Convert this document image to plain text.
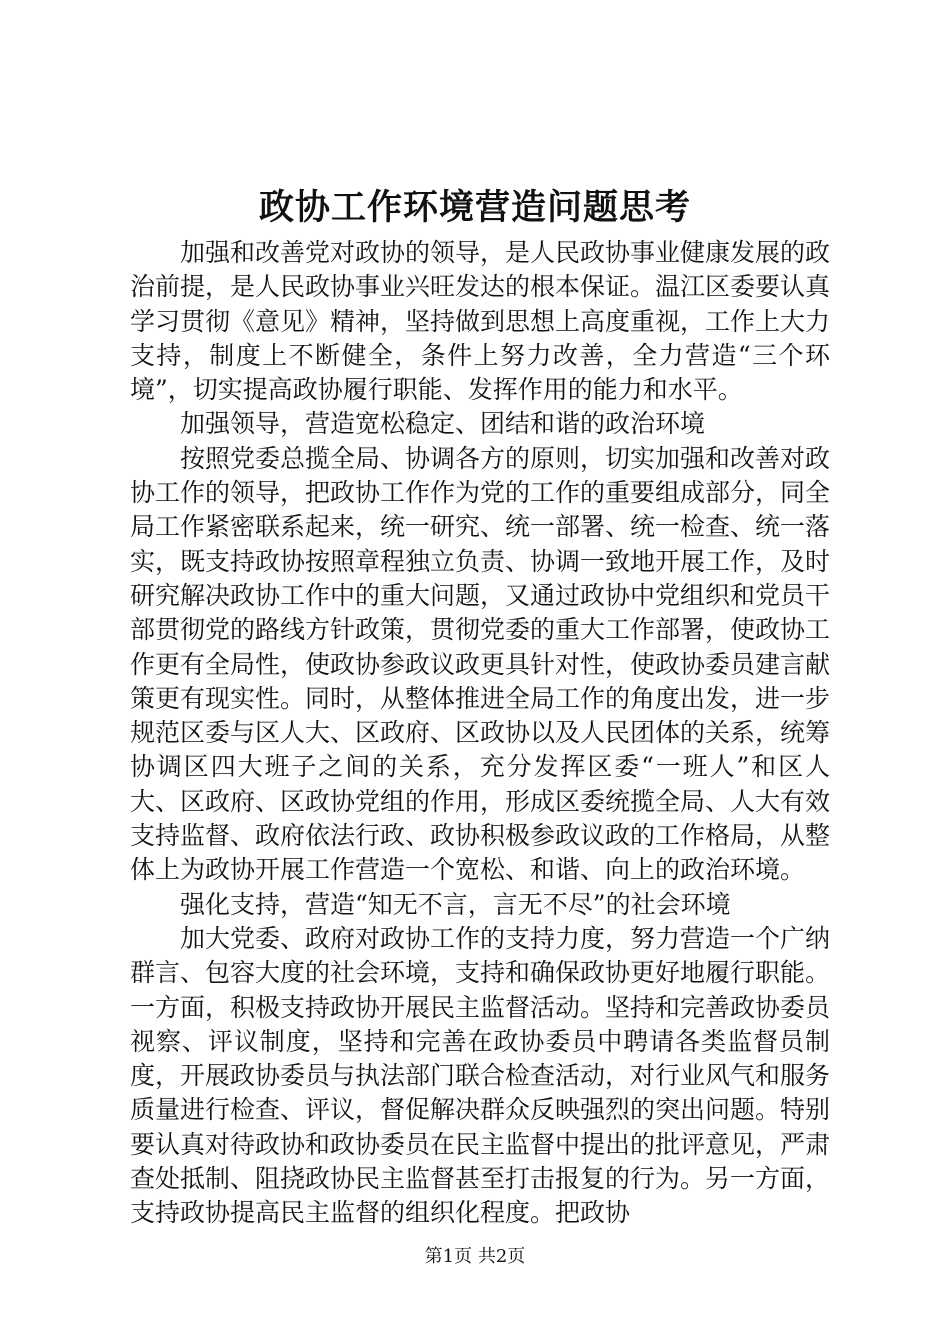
政协工作环境营造问题思考

加强和改善党对政协的领导，是人民政协事业健康发展的政治前提，是人民政协事业兴旺发达的根本保证。温江区委要认真学习贯彻《意见》精神，坚持做到思想上高度重视，工作上大力支持，制度上不断健全，条件上努力改善，全力营造“三个环境”，切实提高政协履行职能、发挥作用的能力和水平。

加强领导，营造宽松稳定、团结和谐的政治环境

按照党委总揽全局、协调各方的原则，切实加强和改善对政协工作的领导，把政协工作作为党的工作的重要组成部分，同全局工作紧密联系起来，统一研究、统一部署、统一检查、统一落实，既支持政协按照章程独立负责、协调一致地开展工作，及时研究解决政协工作中的重大问题，又通过政协中党组织和党员干部贯彻党的路线方针政策，贯彻党委的重大工作部署，使政协工作更有全局性，使政协参政议政更具针对性，使政协委员建言献策更有现实性。同时，从整体推进全局工作的角度出发，进一步规范区委与区人大、区政府、区政协以及人民团体的关系，统筹协调区四大班子之间的关系，充分发挥区委“一班人”和区人大、区政府、区政协党组的作用，形成区委统揽全局、人大有效支持监督、政府依法行政、政协积极参政议政的工作格局，从整体上为政协开展工作营造一个宽松、和谐、向上的政治环境。

强化支持，营造“知无不言，言无不尽”的社会环境

加大党委、政府对政协工作的支持力度，努力营造一个广纳群言、包容大度的社会环境，支持和确保政协更好地履行职能。一方面，积极支持政协开展民主监督活动。坚持和完善政协委员视察、评议制度，坚持和完善在政协委员中聘请各类监督员制度，开展政协委员与执法部门联合检查活动，对行业风气和服务质量进行检查、评议，督促解决群众反映强烈的突出问题。特别要认真对待政协和政协委员在民主监督中提出的批评意见，严肃查处抵制、阻挠政协民主监督甚至打击报复的行为。另一方面，支持政协提高民主监督的组织化程度。把政协

第1页 共2页
